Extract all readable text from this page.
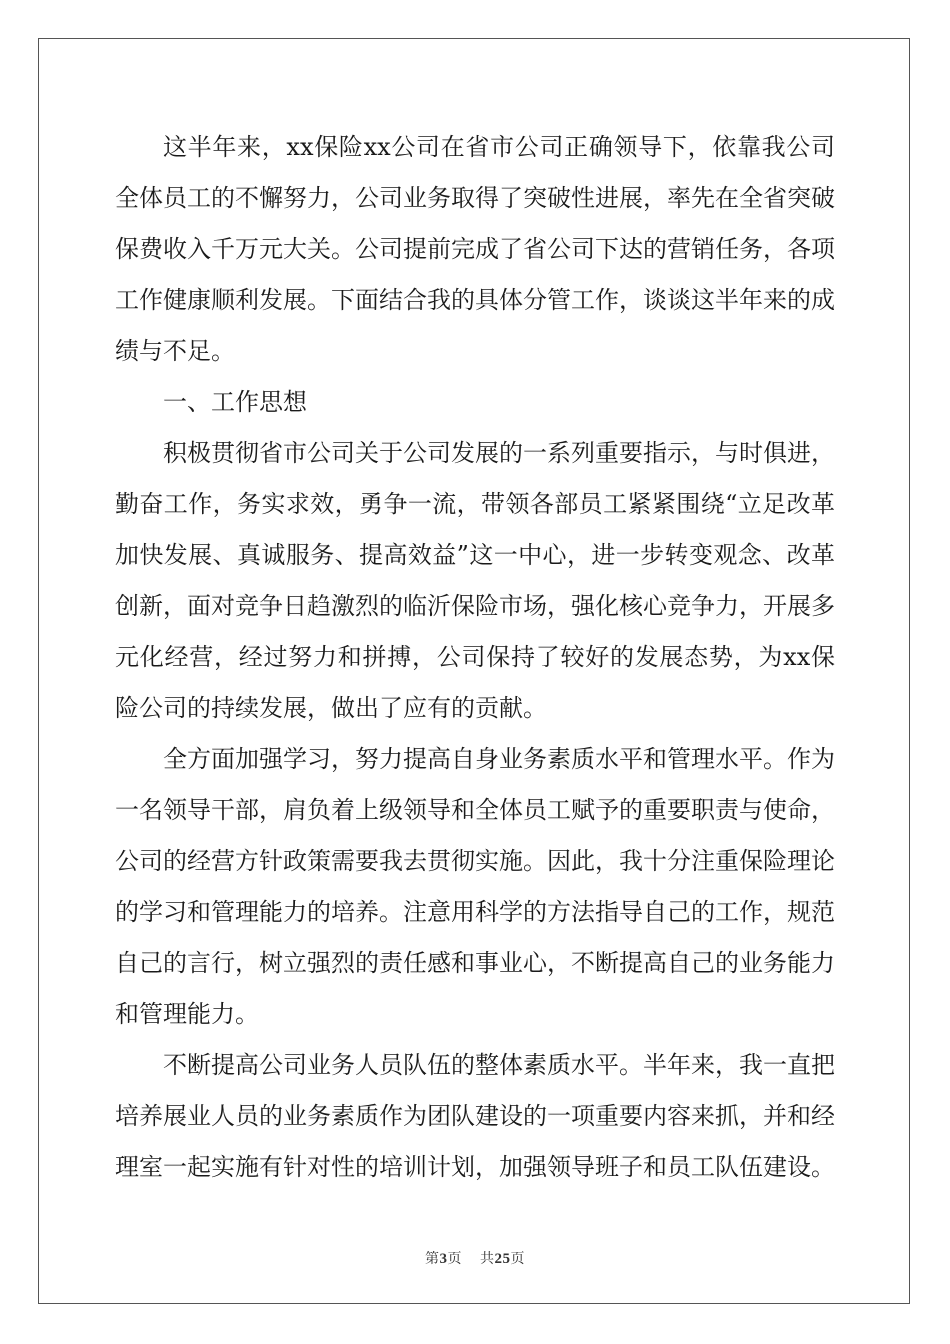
这半年来，xx保险xx公司在省市公司正确领导下，依靠我公司全体员工的不懈努力，公司业务取得了突破性进展，率先在全省突破保费收入千万元大关。公司提前完成了省公司下达的营销任务，各项工作健康顺利发展。下面结合我的具体分管工作，谈谈这半年来的成绩与不足。

一、工作思想

积极贯彻省市公司关于公司发展的一系列重要指示，与时俱进，勤奋工作，务实求效，勇争一流，带领各部员工紧紧围绕“立足改革加快发展、真诚服务、提高效益”这一中心，进一步转变观念、改革创新，面对竞争日趋激烈的临沂保险市场，强化核心竞争力，开展多元化经营，经过努力和拼搏，公司保持了较好的发展态势，为xx保险公司的持续发展，做出了应有的贡献。

全方面加强学习，努力提高自身业务素质水平和管理水平。作为一名领导干部，肩负着上级领导和全体员工赋予的重要职责与使命，公司的经营方针政策需要我去贯彻实施。因此，我十分注重保险理论的学习和管理能力的培养。注意用科学的方法指导自己的工作，规范自己的言行，树立强烈的责任感和事业心，不断提高自己的业务能力和管理能力。

不断提高公司业务人员队伍的整体素质水平。半年来，我一直把培养展业人员的业务素质作为团队建设的一项重要内容来抓，并和经理室一起实施有针对性的培训计划，加强领导班子和员工队伍建设。

第3页 共25页
